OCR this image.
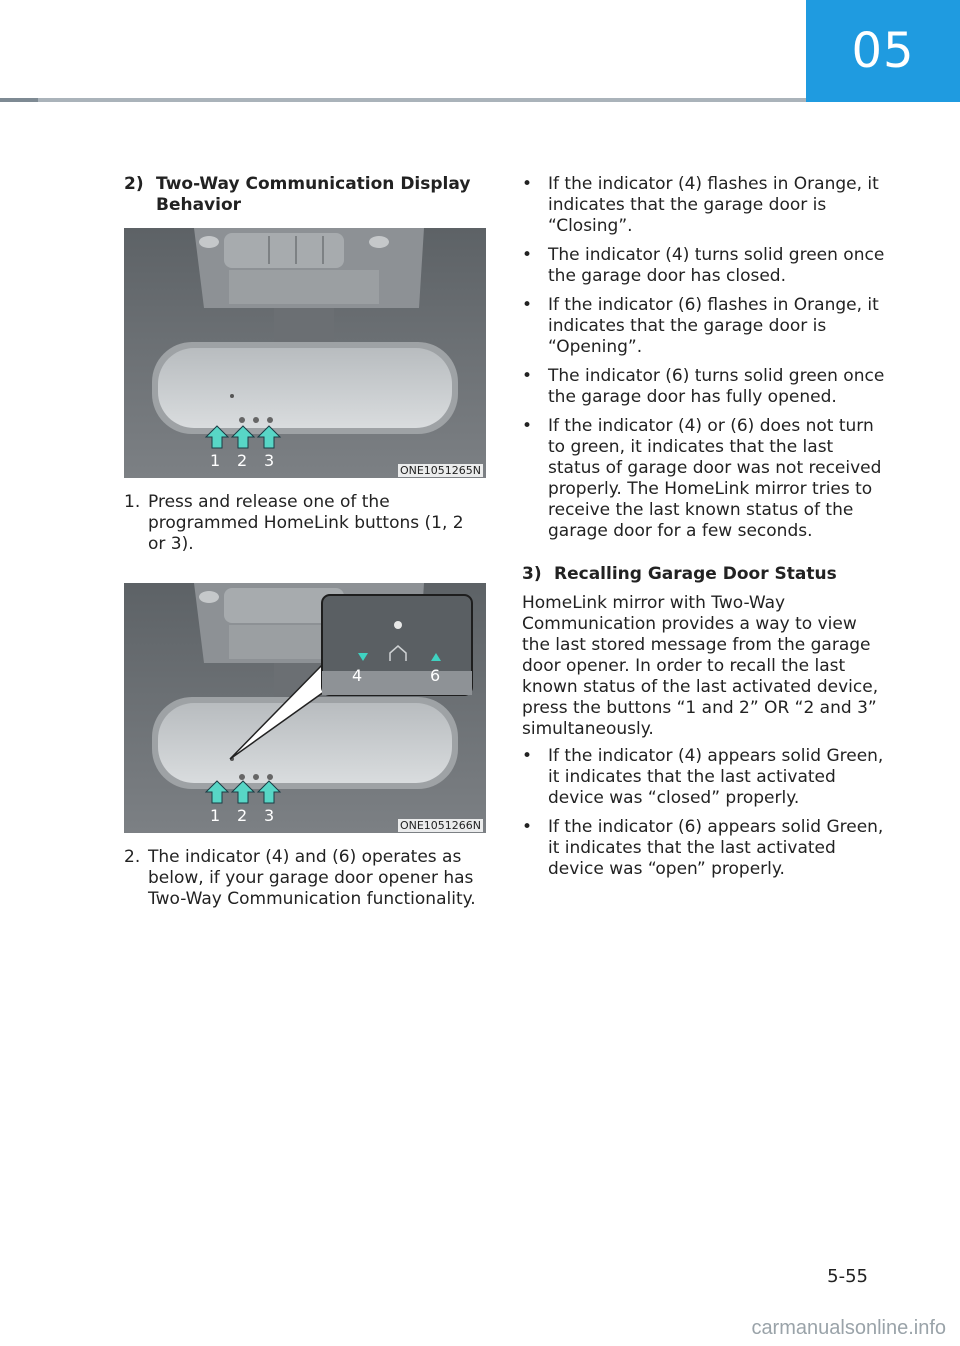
05
2) Two-Way Communication Display Behavior
1 2 3
ONE1051265N
1. Press and release one of the programmed HomeLink buttons (1, 2 or 3).
4	6
1 2 3
ONE1051266N
2. The indicator (4) and (6) operates as below, if your garage door opener has Two-Way Communication functionality.
• If the indicator (4) flashes in Orange, it indicates that the garage door is “Closing”.
• The indicator (4) turns solid green once the garage door has closed.
• If the indicator (6) flashes in Orange, it indicates that the garage door is “Opening”.
• The indicator (6) turns solid green once the garage door has fully opened.
• If the indicator (4) or (6) does not turn to green, it indicates that the last status of garage door was not received properly. The HomeLink mirror tries to receive the last known status of the garage door for a few seconds.
3) Recalling Garage Door Status
HomeLink mirror with Two-Way Communication provides a way to view the last stored message from the garage door opener. In order to recall the last known status of the last activated device, press the buttons “1 and 2” OR “2 and 3” simultaneously.
• If the indicator (4) appears solid Green, it indicates that the last activated device was “closed” properly.
• If the indicator (6) appears solid Green, it indicates that the last activated device was “open” properly.
5-55
carmanualsonline.info
